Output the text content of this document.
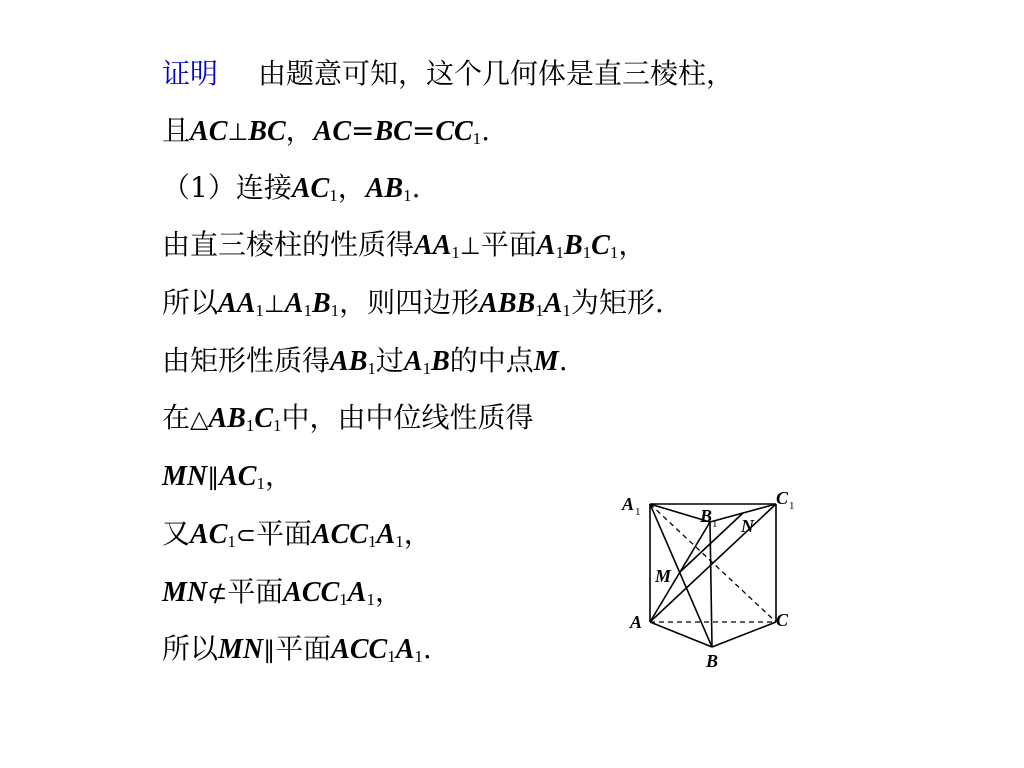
证明 由题意可知，这个几何体是直三棱柱，
且AC⊥BC，$AC=BC=CC_1$.
（1）连接$AC_1$，$AB_1$.
由直三棱柱的性质得$AA_1\perp$平面$A_1B_1C_1$，
所以$AA_1\perp A_1B_1$，则四边形$ABB_1A_1$为矩形.
由矩形性质得$AB_1$过$A_1B$的中点M.
在$\triangle AB_1C_1$中，由中位线性质得
$MN\parallel AC_1$，
又$AC_1\subset$平面$ACC_1A_1$，
MN⊄平面$ACC_1A_1$，
所以MN∥平面$ACC_1A_1$.
A 1	B 1
C 1
N
M
A	C
B
